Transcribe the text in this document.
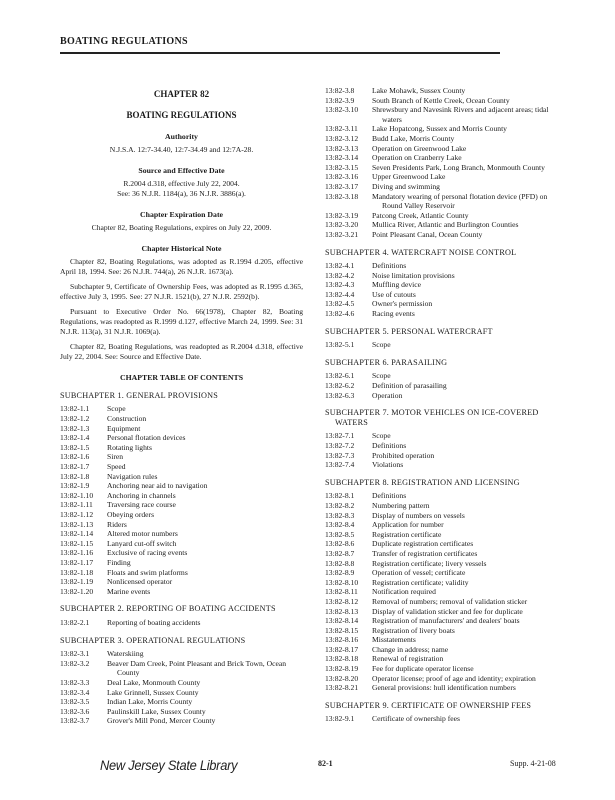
BOATING REGULATIONS
CHAPTER 82
BOATING REGULATIONS
Authority
N.J.S.A. 12:7-34.40, 12:7-34.49 and 12:7A-28.
Source and Effective Date
R.2004 d.318, effective July 22, 2004.
See: 36 N.J.R. 1184(a), 36 N.J.R. 3886(a).
Chapter Expiration Date
Chapter 82, Boating Regulations, expires on July 22, 2009.
Chapter Historical Note
Chapter 82, Boating Regulations, was adopted as R.1994 d.205, effective April 18, 1994. See: 26 N.J.R. 744(a), 26 N.J.R. 1673(a).
Subchapter 9, Certificate of Ownership Fees, was adopted as R.1995 d.365, effective July 3, 1995. See: 27 N.J.R. 1521(b), 27 N.J.R. 2592(b).
Pursuant to Executive Order No. 66(1978), Chapter 82, Boating Regulations, was readopted as R.1999 d.127, effective March 24, 1999. See: 31 N.J.R. 113(a), 31 N.J.R. 1069(a).
Chapter 82, Boating Regulations, was readopted as R.2004 d.318, effective July 22, 2004. See: Source and Effective Date.
CHAPTER TABLE OF CONTENTS
SUBCHAPTER 1. GENERAL PROVISIONS
13:82-1.1	Scope
13:82-1.2	Construction
13:82-1.3	Equipment
13:82-1.4	Personal flotation devices
13:82-1.5	Rotating lights
13:82-1.6	Siren
13:82-1.7	Speed
13:82-1.8	Navigation rules
13:82-1.9	Anchoring near aid to navigation
13:82-1.10	Anchoring in channels
13:82-1.11	Traversing race course
13:82-1.12	Obeying orders
13:82-1.13	Riders
13:82-1.14	Altered motor numbers
13:82-1.15	Lanyard cut-off switch
13:82-1.16	Exclusive of racing events
13:82-1.17	Finding
13:82-1.18	Floats and swim platforms
13:82-1.19	Nonlicensed operator
13:82-1.20	Marine events
SUBCHAPTER 2. REPORTING OF BOATING ACCIDENTS
13:82-2.1	Reporting of boating accidents
SUBCHAPTER 3. OPERATIONAL REGULATIONS
13:82-3.1	Waterskiing
13:82-3.2	Beaver Dam Creek, Point Pleasant and Brick Town, Ocean County
13:82-3.3	Deal Lake, Monmouth County
13:82-3.4	Lake Grinnell, Sussex County
13:82-3.5	Indian Lake, Morris County
13:82-3.6	Paulinskill Lake, Sussex County
13:82-3.7	Grover's Mill Pond, Mercer County
13:82-3.8	Lake Mohawk, Sussex County
13:82-3.9	South Branch of Kettle Creek, Ocean County
13:82-3.10	Shrewsbury and Navesink Rivers and adjacent areas; tidal waters
13:82-3.11	Lake Hopatcong, Sussex and Morris County
13:82-3.12	Budd Lake, Morris County
13:82-3.13	Operation on Greenwood Lake
13:82-3.14	Operation on Cranberry Lake
13:82-3.15	Seven Presidents Park, Long Branch, Monmouth County
13:82-3.16	Upper Greenwood Lake
13:82-3.17	Diving and swimming
13:82-3.18	Mandatory wearing of personal flotation device (PFD) on Round Valley Reservoir
13:82-3.19	Patcong Creek, Atlantic County
13:82-3.20	Mullica River, Atlantic and Burlington Counties
13:82-3.21	Point Pleasant Canal, Ocean County
SUBCHAPTER 4. WATERCRAFT NOISE CONTROL
13:82-4.1	Definitions
13:82-4.2	Noise limitation provisions
13:82-4.3	Muffling device
13:82-4.4	Use of cutouts
13:82-4.5	Owner's permission
13:82-4.6	Racing events
SUBCHAPTER 5. PERSONAL WATERCRAFT
13:82-5.1	Scope
SUBCHAPTER 6. PARASAILING
13:82-6.1	Scope
13:82-6.2	Definition of parasailing
13:82-6.3	Operation
SUBCHAPTER 7. MOTOR VEHICLES ON ICE-COVERED WATERS
13:82-7.1	Scope
13:82-7.2	Definitions
13:82-7.3	Prohibited operation
13:82-7.4	Violations
SUBCHAPTER 8. REGISTRATION AND LICENSING
13:82-8.1	Definitions
13:82-8.2	Numbering pattern
13:82-8.3	Display of numbers on vessels
13:82-8.4	Application for number
13:82-8.5	Registration certificate
13:82-8.6	Duplicate registration certificates
13:82-8.7	Transfer of registration certificates
13:82-8.8	Registration certificate; livery vessels
13:82-8.9	Operation of vessel; certificate
13:82-8.10	Registration certificate; validity
13:82-8.11	Notification required
13:82-8.12	Removal of numbers; removal of validation sticker
13:82-8.13	Display of validation sticker and fee for duplicate
13:82-8.14	Registration of manufacturers' and dealers' boats
13:82-8.15	Registration of livery boats
13:82-8.16	Misstatements
13:82-8.17	Change in address; name
13:82-8.18	Renewal of registration
13:82-8.19	Fee for duplicate operator license
13:82-8.20	Operator license; proof of age and identity; expiration
13:82-8.21	General provisions: hull identification numbers
SUBCHAPTER 9. CERTIFICATE OF OWNERSHIP FEES
13:82-9.1	Certificate of ownership fees
New Jersey State Library	82-1	Supp. 4-21-08
